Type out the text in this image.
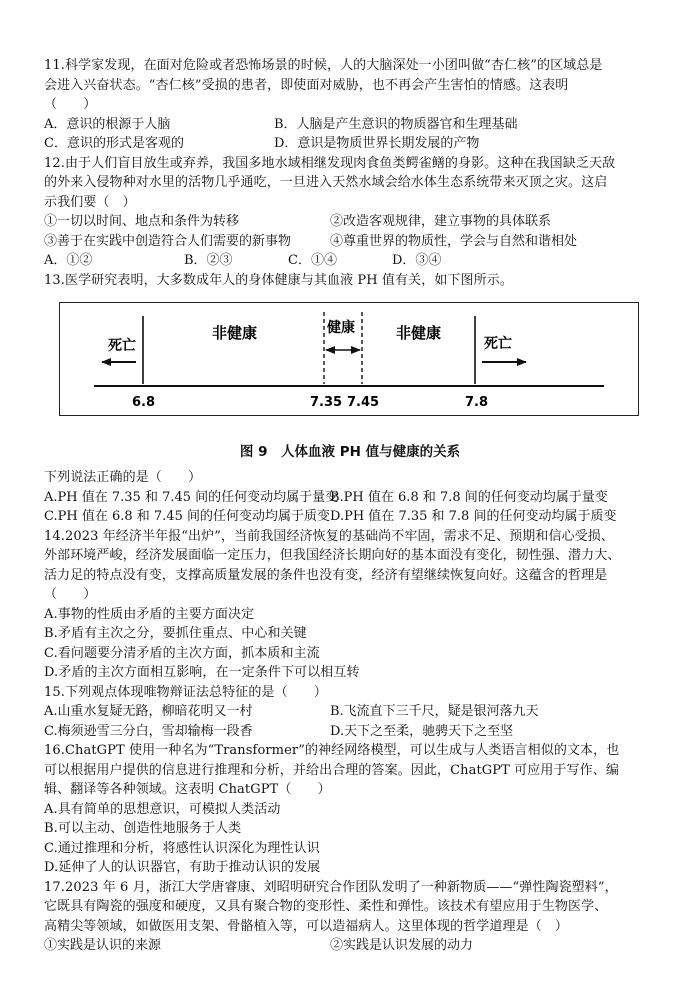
11.科学家发现，在面对危险或者恐怖场景的时候，人的大脑深处一小团叫做“杏仁核”的区域总是
会进入兴奋状态。“杏仁核”受损的患者，即使面对威胁，也不再会产生害怕的情感。这表明
（　　）
A．意识的根源于人脑	B．人脑是产生意识的物质器官和生理基础
C．意识的形式是客观的	D．意识是物质世界长期发展的产物
12.由于人们盲目放生或弃养，我国多地水域相继发现肉食鱼类鳄雀鳝的身影。这种在我国缺乏天敌
的外来入侵物种对水里的活物几乎通吃，一旦进入天然水域会给水体生态系统带来灭顶之灾。这启
示我们要（　）
①一切以时间、地点和条件为转移	②改造客观规律，建立事物的具体联系
③善于在实践中创造符合人们需要的新事物	④尊重世界的物质性，学会与自然和谐相处
A．①②	B．②③	C．①④	D．③④
13.医学研究表明，大多数成年人的身体健康与其血液 PH 值有关，如下图所示。
死亡
非健康	健康	非健康
死亡
6.8	7.35 7.45	7.8
图 9　人体血液 PH 值与健康的关系
下列说法正确的是（　　）
A.PH 值在 7.35 和 7.45 间的任何变动均属于量变
B.PH 值在 6.8 和 7.8 间的任何变动均属于量变
C.PH 值在 6.8 和 7.45 间的任何变动均属于质变 D.PH 值在 7.35 和 7.8 间的任何变动均属于质变
14.2023 年经济半年报“出炉”，当前我国经济恢复的基础尚不牢固，需求不足、预期和信心受损、
外部环境严峻，经济发展面临一定压力，但我国经济长期向好的基本面没有变化，韧性强、潜力大、
活力足的特点没有变，支撑高质量发展的条件也没有变，经济有望继续恢复向好。这蕴含的哲理是
（　　）
A.事物的性质由矛盾的主要方面决定
B.矛盾有主次之分，要抓住重点、中心和关键
C.看问题要分清矛盾的主次方面，抓本质和主流
D.矛盾的主次方面相互影响，在一定条件下可以相互转
15.下列观点体现唯物辩证法总特征的是（　　）
A.山重水复疑无路，柳暗花明又一村	B.飞流直下三千尺，疑是银河落九天
C.梅须逊雪三分白，雪却输梅一段香	D.天下之至柔，驰骋天下之至坚
16.ChatGPT 使用一种名为“Transformer”的神经网络模型，可以生成与人类语言相似的文本，也
可以根据用户提供的信息进行推理和分析，并给出合理的答案。因此，ChatGPT 可应用于写作、编
辑、翻译等各种领域。这表明 ChatGPT（　　）
A.具有简单的思想意识，可模拟人类活动
B.可以主动、创造性地服务于人类
C.通过推理和分析，将感性认识深化为理性认识
D.延伸了人的认识器官，有助于推动认识的发展
17.2023 年 6 月，浙江大学唐睿康、刘昭明研究合作团队发明了一种新物质——“弹性陶瓷塑料”，
它既具有陶瓷的强度和硬度，又具有聚合物的变形性、柔性和弹性。该技术有望应用于生物医学、
高精尖等领域，如做医用支架、骨骼植入等，可以造福病人。这里体现的哲学道理是（　）
①实践是认识的来源	②实践是认识发展的动力
